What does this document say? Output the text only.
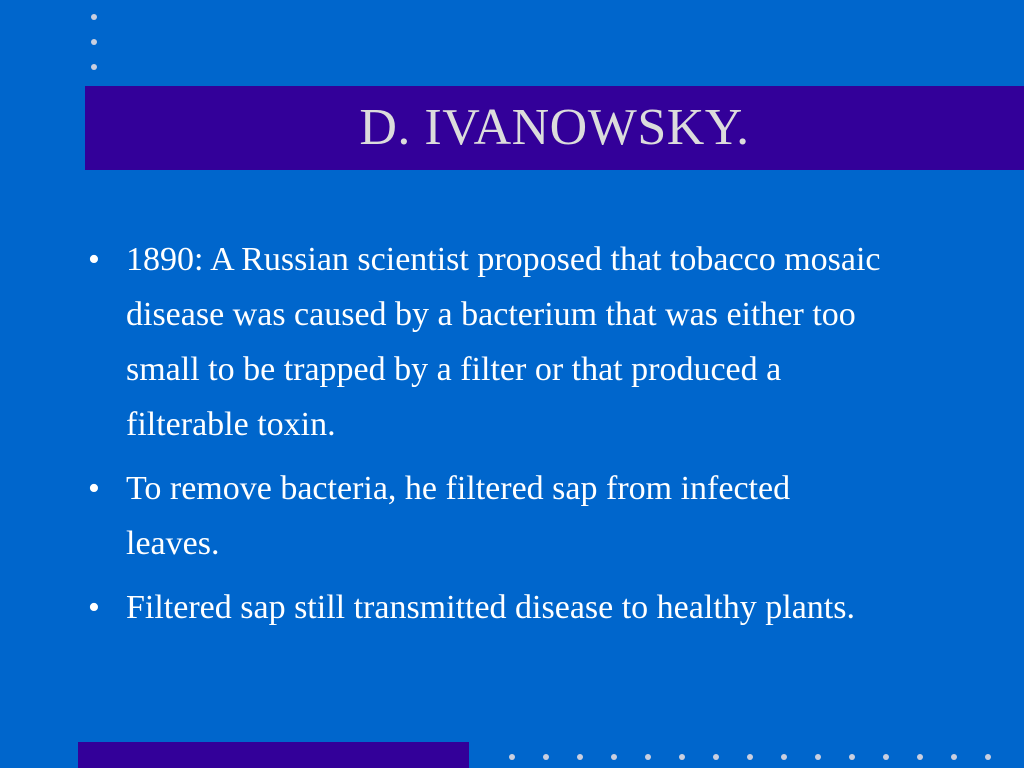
D. IVANOWSKY.
• 1890: A Russian scientist proposed that tobacco mosaic disease was caused by a bacterium that was either too small to be trapped by a filter or that produced a filterable toxin.
• To remove bacteria, he filtered sap from infected leaves.
• Filtered sap still transmitted disease to healthy plants.
